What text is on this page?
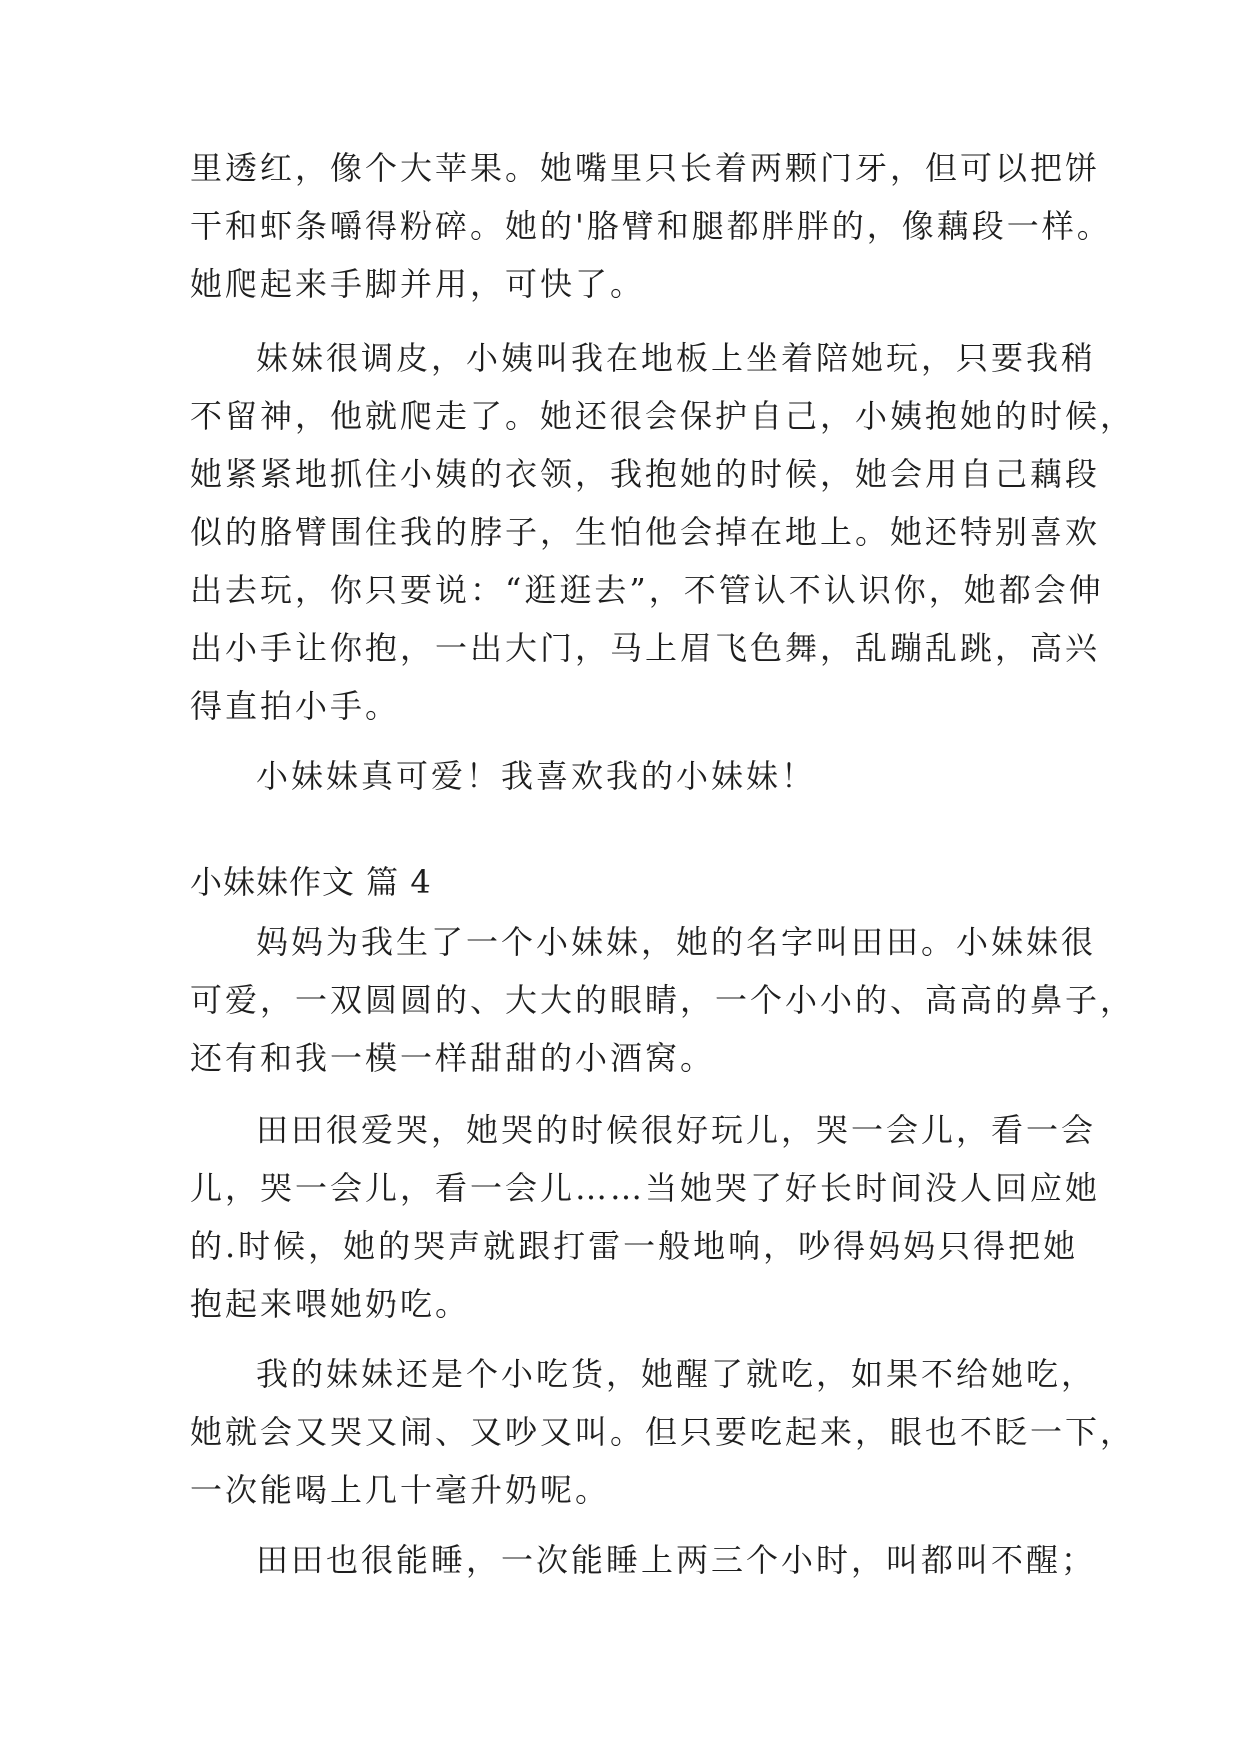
里透红，像个大苹果。她嘴里只长着两颗门牙，但可以把饼
干和虾条嚼得粉碎。她的'胳臂和腿都胖胖的，像藕段一样。
她爬起来手脚并用，可快了。
妹妹很调皮，小姨叫我在地板上坐着陪她玩，只要我稍
不留神，他就爬走了。她还很会保护自己，小姨抱她的时候，
她紧紧地抓住小姨的衣领，我抱她的时候，她会用自己藕段
似的胳臂围住我的脖子，生怕他会掉在地上。她还特别喜欢
出去玩，你只要说：“逛逛去”，不管认不认识你，她都会伸
出小手让你抱，一出大门，马上眉飞色舞，乱蹦乱跳，高兴
得直拍小手。
小妹妹真可爱！我喜欢我的小妹妹！
小妹妹作文 篇 4
妈妈为我生了一个小妹妹，她的名字叫田田。小妹妹很
可爱，一双圆圆的、大大的眼睛，一个小小的、高高的鼻子，
还有和我一模一样甜甜的小酒窝。
田田很爱哭，她哭的时候很好玩儿，哭一会儿，看一会
儿，哭一会儿，看一会儿……当她哭了好长时间没人回应她
的.时候，她的哭声就跟打雷一般地响，吵得妈妈只得把她
抱起来喂她奶吃。
我的妹妹还是个小吃货，她醒了就吃，如果不给她吃，
她就会又哭又闹、又吵又叫。但只要吃起来，眼也不眨一下，
一次能喝上几十毫升奶呢。
田田也很能睡，一次能睡上两三个小时，叫都叫不醒；
